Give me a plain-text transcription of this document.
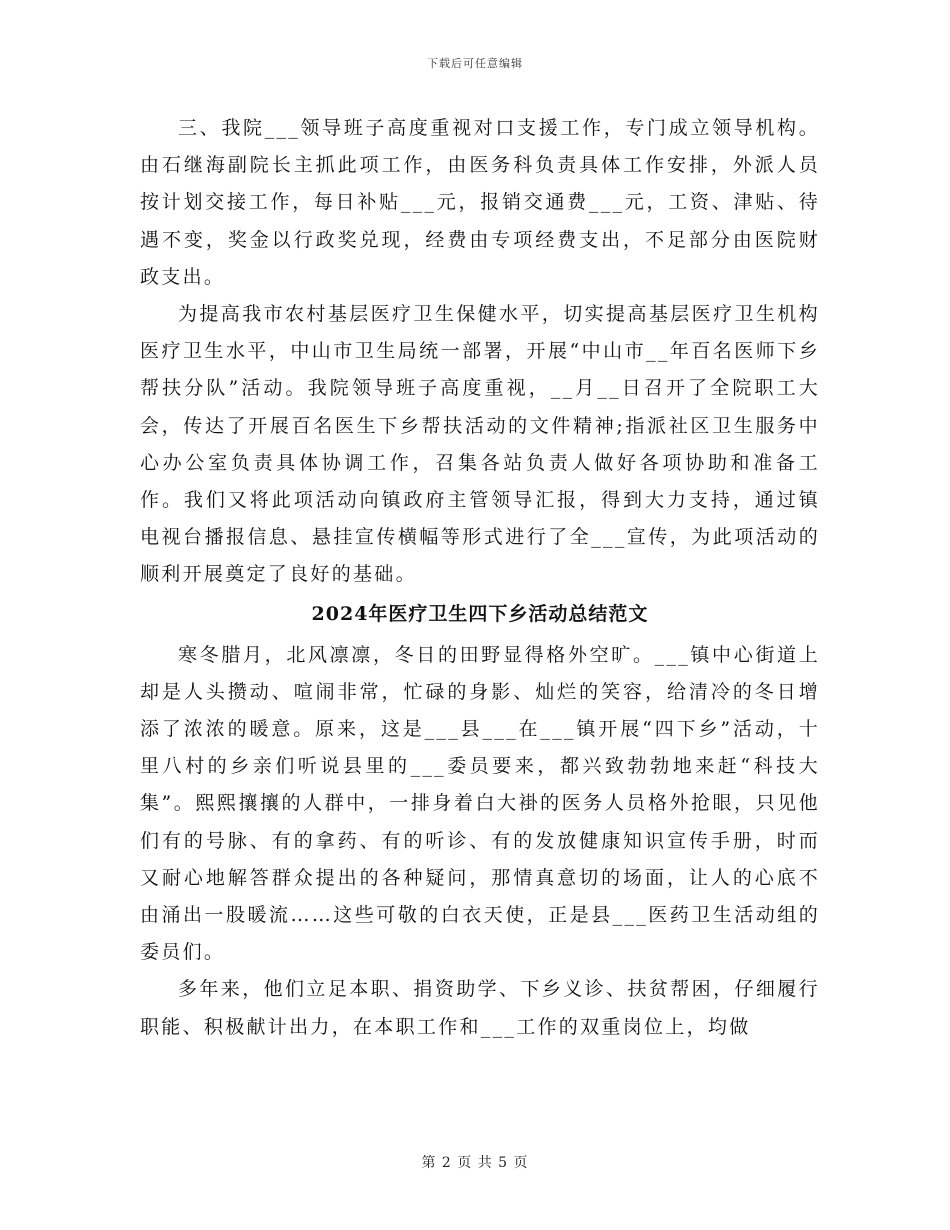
下载后可任意编辑

三、我院___领导班子高度重视对口支援工作，专门成立领导机构。由石继海副院长主抓此项工作，由医务科负责具体工作安排，外派人员按计划交接工作，每日补贴___元，报销交通费___元，工资、津贴、待遇不变，奖金以行政奖兑现，经费由专项经费支出，不足部分由医院财政支出。

为提高我市农村基层医疗卫生保健水平，切实提高基层医疗卫生机构医疗卫生水平，中山市卫生局统一部署，开展“中山市__年百名医师下乡帮扶分队”活动。我院领导班子高度重视，__月__日召开了全院职工大会，传达了开展百名医生下乡帮扶活动的文件精神;指派社区卫生服务中心办公室负责具体协调工作，召集各站负责人做好各项协助和准备工作。我们又将此项活动向镇政府主管领导汇报，得到大力支持，通过镇电视台播报信息、悬挂宣传横幅等形式进行了全___宣传，为此项活动的顺利开展奠定了良好的基础。

2024年医疗卫生四下乡活动总结范文

寒冬腊月，北风凛凛，冬日的田野显得格外空旷。___镇中心街道上却是人头攒动、喧闹非常，忙碌的身影、灿烂的笑容，给清冷的冬日增添了浓浓的暖意。原来，这是___县___在___镇开展“四下乡”活动，十里八村的乡亲们听说县里的___委员要来，都兴致勃勃地来赶“科技大集”。熙熙攘攘的人群中，一排身着白大褂的医务人员格外抢眼，只见他们有的号脉、有的拿药、有的听诊、有的发放健康知识宣传手册，时而又耐心地解答群众提出的各种疑问，那情真意切的场面，让人的心底不由涌出一股暖流……这些可敬的白衣天使，正是县___医药卫生活动组的委员们。

多年来，他们立足本职、捐资助学、下乡义诊、扶贫帮困，仔细履行职能、积极献计出力，在本职工作和___工作的双重岗位上，均做

第 2 页 共 5 页
